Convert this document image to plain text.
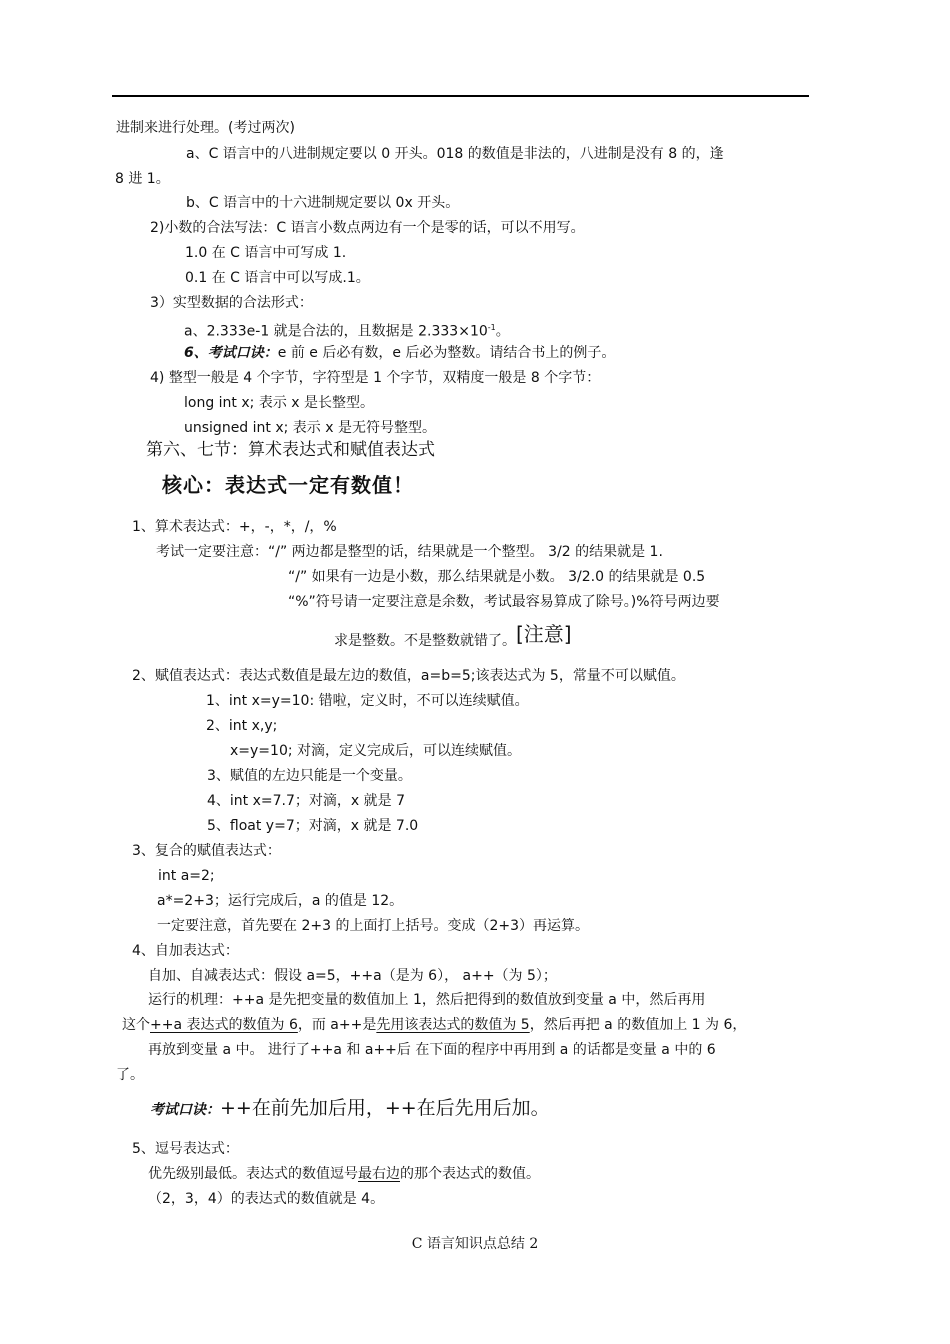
进制来进行处理。(考过两次)
a、C 语言中的八进制规定要以 0 开头。018 的数值是非法的，八进制是没有 8 的，逢
8 进 1。
b、C 语言中的十六进制规定要以 0x 开头。
2)小数的合法写法：C 语言小数点两边有一个是零的话，可以不用写。
1.0 在 C 语言中可写成 1.
0.1 在 C 语言中可以写成.1。
3）实型数据的合法形式：
a、2.333e-1 就是合法的，且数据是 $2.333\times 10^{-1}$。
6、考试口诀：e 前 e 后必有数，e 后必为整数。请结合书上的例子。
4) 整型一般是 4 个字节，字符型是 1 个字节，双精度一般是 8 个字节：
long int x; 表示 x 是长整型。
unsigned int x; 表示 x 是无符号整型。
第六、七节：算术表达式和赋值表达式
核心：表达式一定有数值！
1、算术表达式：+，-，*，/，%
考试一定要注意：“/” 两边都是整型的话，结果就是一个整型。 3/2 的结果就是 1.
“/” 如果有一边是小数，那么结果就是小数。 3/2.0 的结果就是 0.5
“%”符号请一定要注意是余数，考试最容易算成了除号。)%符号两边要
求是整数。不是整数就错了。[注意]
2、赋值表达式：表达式数值是最左边的数值，a=b=5;该表达式为 5，常量不可以赋值。
1、int x=y=10: 错啦，定义时，不可以连续赋值。
2、int x,y;
x=y=10; 对滴，定义完成后，可以连续赋值。
3、赋值的左边只能是一个变量。
4、int x=7.7；对滴，x 就是 7
5、float y=7；对滴，x 就是 7.0
3、复合的赋值表达式：
int a=2;
a*=2+3；运行完成后，a 的值是 12。
一定要注意，首先要在 2+3 的上面打上括号。变成（2+3）再运算。
4、自加表达式：
自加、自减表达式：假设 a=5，++a（是为 6）， a++（为 5）；
运行的机理：++a 是先把变量的数值加上 1，然后把得到的数值放到变量 a 中，然后再用
这个++a 表达式的数值为 6，而 a++是先用该表达式的数值为 5，然后再把 a 的数值加上 1 为 6，
再放到变量 a 中。 进行了++a 和 a++后 在下面的程序中再用到 a 的话都是变量 a 中的 6
了。
考试口诀：++在前先加后用，++在后先用后加。
5、逗号表达式：
优先级别最低。表达式的数值逗号最右边的那个表达式的数值。
（2，3，4）的表达式的数值就是 4。
C 语言知识点总结 2
